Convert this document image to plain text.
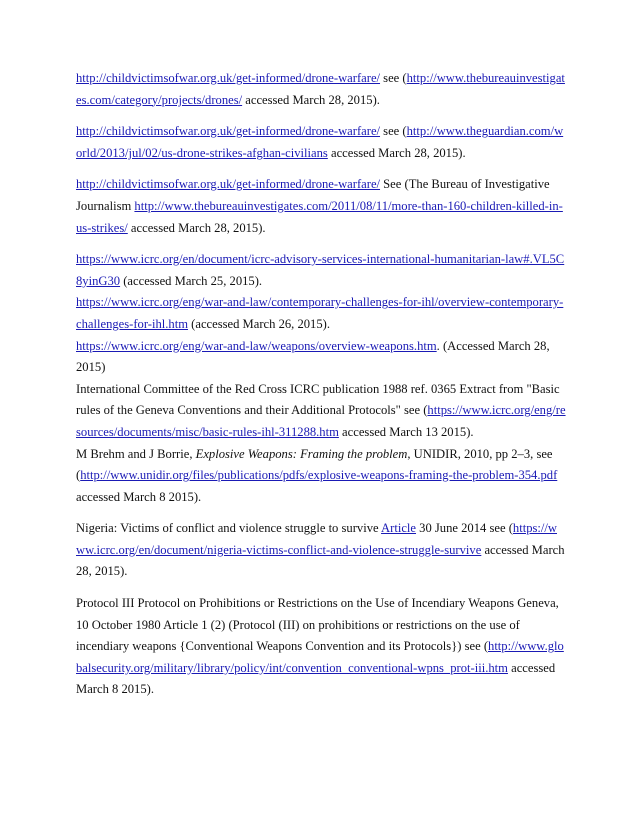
http://childvictimsofwar.org.uk/get-informed/drone-warfare/ see (http://www.thebureauinvestigates.com/category/projects/drones/ accessed March 28, 2015).

http://childvictimsofwar.org.uk/get-informed/drone-warfare/ see (http://www.theguardian.com/world/2013/jul/02/us-drone-strikes-afghan-civilians accessed March 28, 2015).

http://childvictimsofwar.org.uk/get-informed/drone-warfare/ See (The Bureau of Investigative Journalism http://www.thebureauinvestigates.com/2011/08/11/more-than-160-children-killed-in-us-strikes/ accessed March 28, 2015).

https://www.icrc.org/en/document/icrc-advisory-services-international-humanitarian-law#.VL5C8yinG30 (accessed March 25, 2015).

https://www.icrc.org/eng/war-and-law/contemporary-challenges-for-ihl/overview-contemporary-challenges-for-ihl.htm (accessed March 26, 2015).

https://www.icrc.org/eng/war-and-law/weapons/overview-weapons.htm. (Accessed March 28, 2015)

International Committee of the Red Cross ICRC publication 1988 ref. 0365 Extract from "Basic rules of the Geneva Conventions and their Additional Protocols" see (https://www.icrc.org/eng/resources/documents/misc/basic-rules-ihl-311288.htm accessed March 13 2015).

M Brehm and J Borrie, Explosive Weapons: Framing the problem, UNIDIR, 2010, pp 2–3, see (http://www.unidir.org/files/publications/pdfs/explosive-weapons-framing-the-problem-354.pdf accessed March 8 2015).

Nigeria: Victims of conflict and violence struggle to survive Article 30 June 2014 see (https://www.icrc.org/en/document/nigeria-victims-conflict-and-violence-struggle-survive accessed March 28, 2015).

Protocol III Protocol on Prohibitions or Restrictions on the Use of Incendiary Weapons Geneva, 10 October 1980 Article 1 (2) (Protocol (III) on prohibitions or restrictions on the use of incendiary weapons {Conventional Weapons Convention and its Protocols}) see (http://www.globalsecurity.org/military/library/policy/int/convention_conventional-wpns_prot-iii.htm accessed March 8 2015).
